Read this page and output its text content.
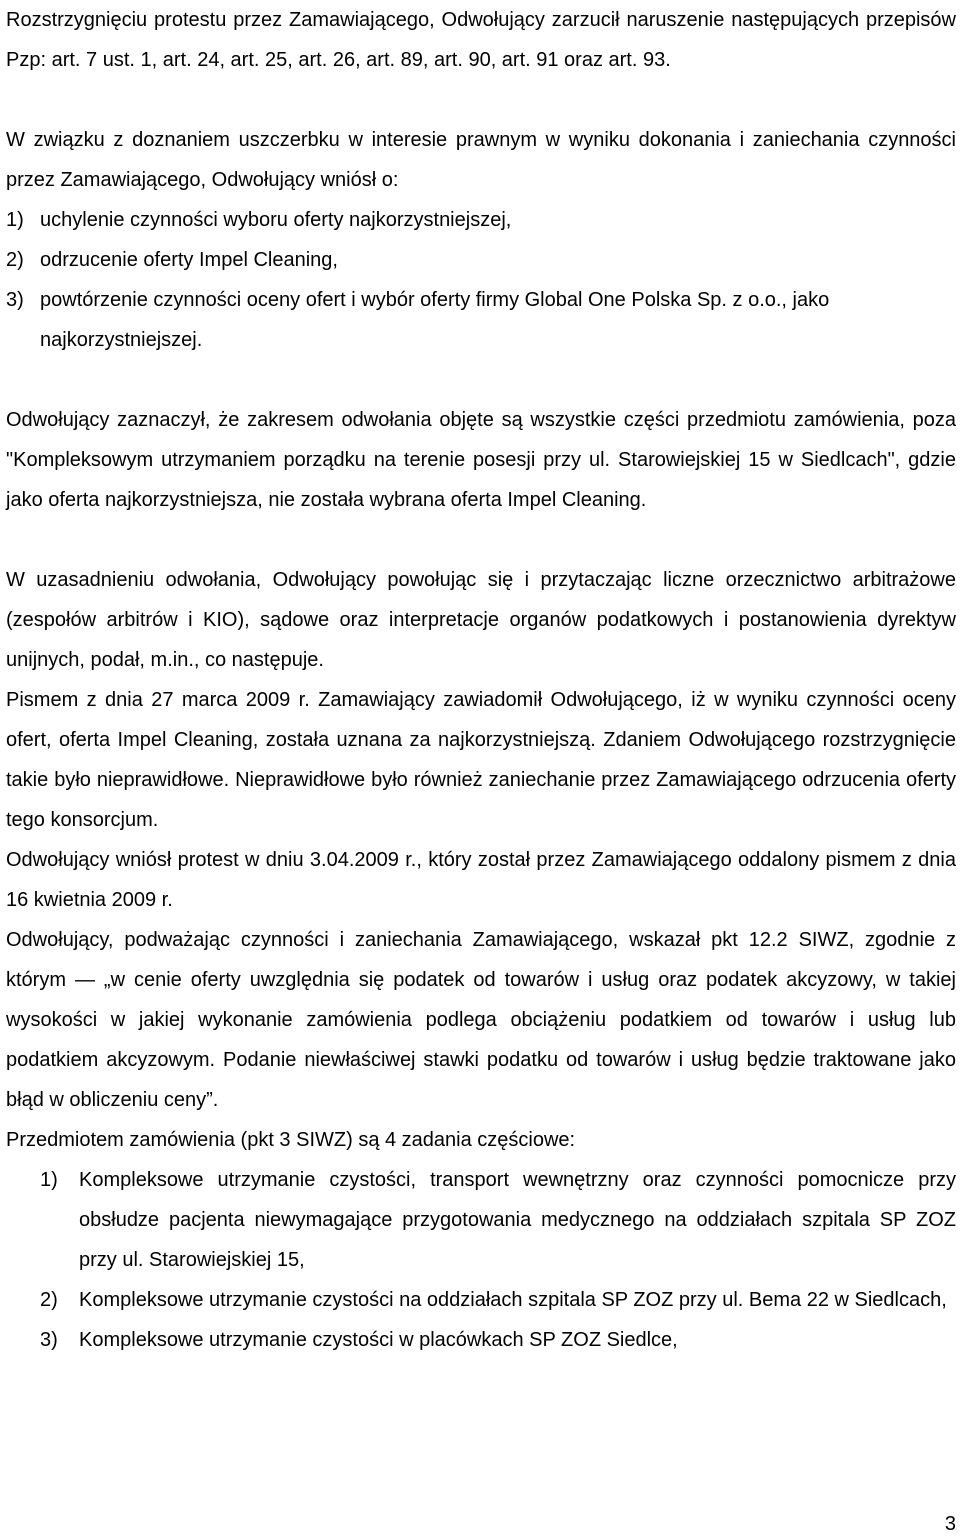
Rozstrzygnięciu protestu przez Zamawiającego, Odwołujący zarzucił naruszenie następujących przepisów Pzp: art. 7 ust. 1, art. 24, art. 25, art. 26, art. 89, art. 90, art. 91 oraz art. 93.

W związku z doznaniem uszczerbku w interesie prawnym w wyniku dokonania i zaniechania czynności przez Zamawiającego, Odwołujący wniósł o:

1) uchylenie czynności wyboru oferty najkorzystniejszej,
2) odrzucenie oferty Impel Cleaning,
3) powtórzenie czynności oceny ofert i wybór oferty firmy Global One Polska Sp. z o.o., jako najkorzystniejszej.

Odwołujący zaznaczył, że zakresem odwołania objęte są wszystkie części przedmiotu zamówienia, poza "Kompleksowym utrzymaniem porządku na terenie posesji przy ul. Starowiejskiej 15 w Siedlcach", gdzie jako oferta najkorzystniejsza, nie została wybrana oferta Impel Cleaning.

W uzasadnieniu odwołania, Odwołujący powołując się i przytaczając liczne orzecznictwo arbitrażowe (zespołów arbitrów i KIO), sądowe oraz interpretacje organów podatkowych i postanowienia dyrektyw unijnych, podał, m.in., co następuje.

Pismem z dnia 27 marca 2009 r. Zamawiający zawiadomił Odwołującego, iż w wyniku czynności oceny ofert, oferta Impel Cleaning, została uznana za najkorzystniejszą. Zdaniem Odwołującego rozstrzygnięcie takie było nieprawidłowe. Nieprawidłowe było również zaniechanie przez Zamawiającego odrzucenia oferty tego konsorcjum.

Odwołujący wniósł protest w dniu 3.04.2009 r., który został przez Zamawiającego oddalony pismem z dnia 16 kwietnia 2009 r.

Odwołujący, podważając czynności i zaniechania Zamawiającego, wskazał pkt 12.2 SIWZ, zgodnie z którym — „w cenie oferty uwzględnia się podatek od towarów i usług oraz podatek akcyzowy, w takiej wysokości w jakiej wykonanie zamówienia podlega obciążeniu podatkiem od towarów i usług lub podatkiem akcyzowym. Podanie niewłaściwej stawki podatku od towarów i usług będzie traktowane jako błąd w obliczeniu ceny”.

Przedmiotem zamówienia (pkt 3 SIWZ) są 4 zadania częściowe:

1)	Kompleksowe utrzymanie czystości, transport wewnętrzny oraz czynności pomocnicze przy obsłudze pacjenta niewymagające przygotowania medycznego na oddziałach szpitala SP ZOZ przy ul. Starowiejskiej 15,
2)	Kompleksowe utrzymanie czystości na oddziałach szpitala SP ZOZ przy ul. Bema 22 w Siedlcach,
3)	Kompleksowe utrzymanie czystości w placówkach SP ZOZ Siedlce,
3
